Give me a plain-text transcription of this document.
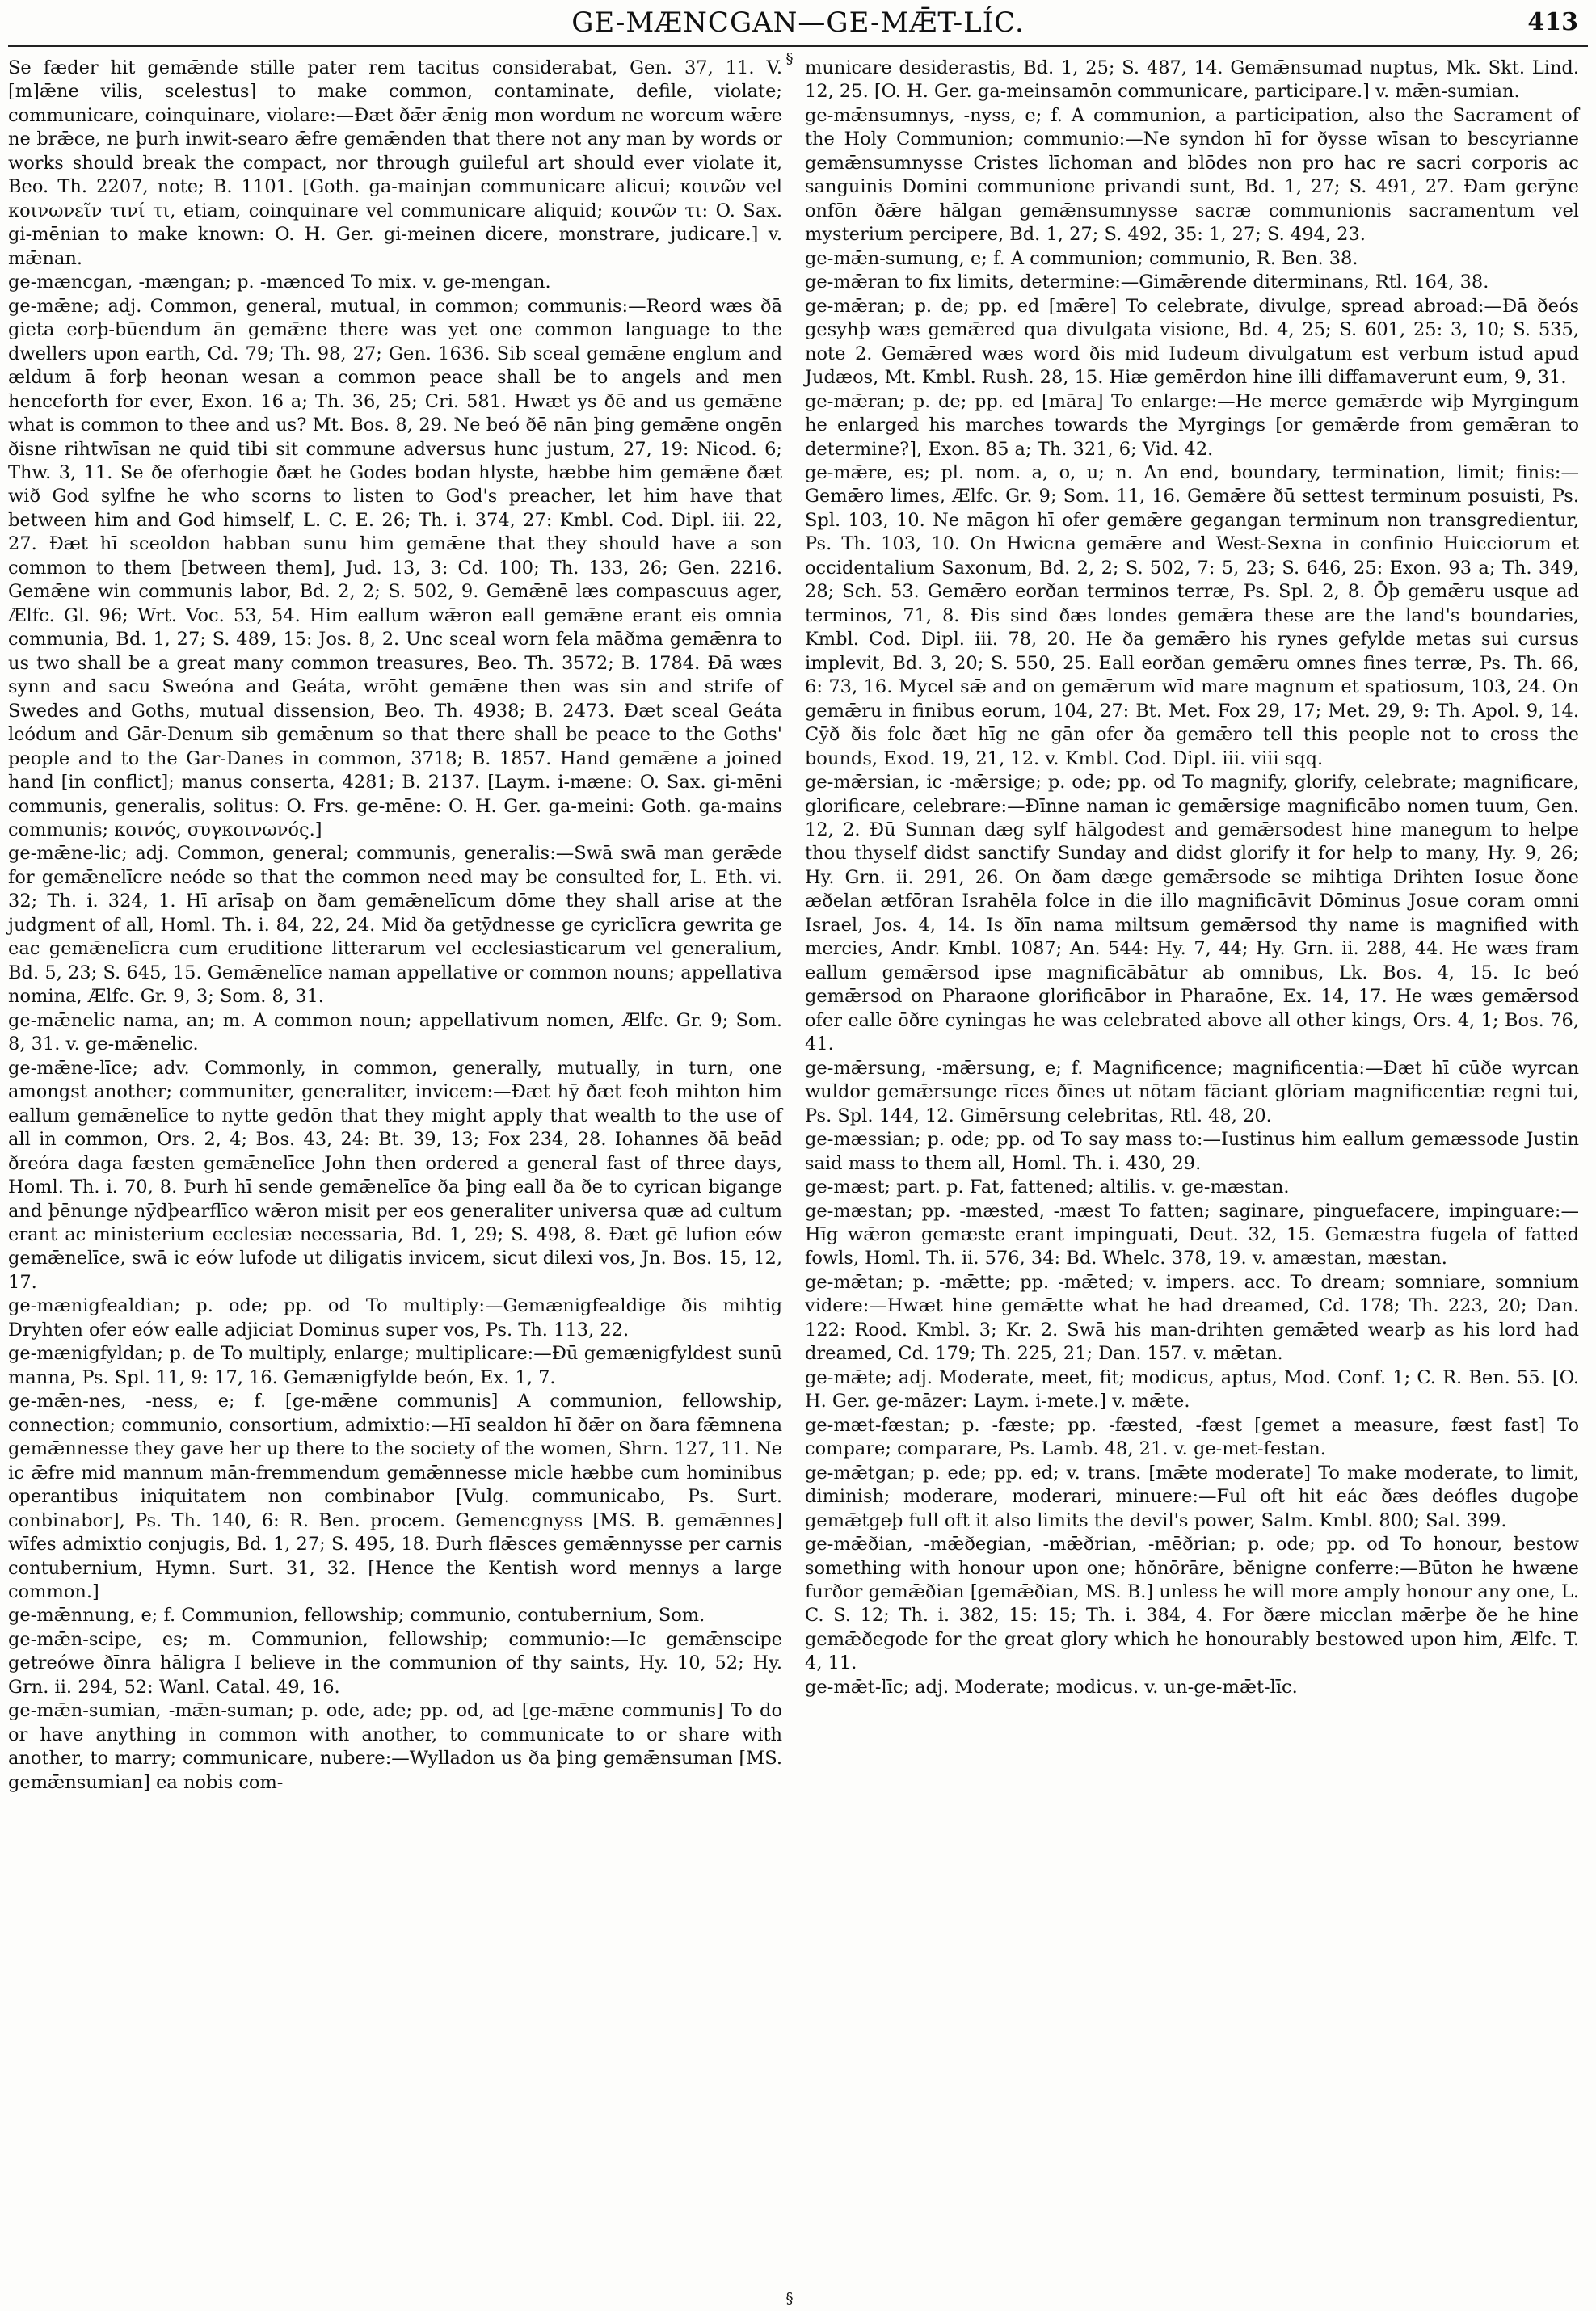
GE-MÆNCGAN—GE-MǢT-LÍC.	413
§
§

Se fæder hit gemǣnde stille pater rem tacitus considerabat, Gen. 37, 11. V. [m]ǣne vilis, scelestus] to make common, contaminate, defile, violate; communicare, coinquinare, violare:—Ðæt ðǣr ǣnig mon wordum ne worcum wǣre ne brǣce, ne þurh inwit-searo ǣfre gemǣnden that there not any man by words or works should break the compact, nor through guileful art should ever violate it, Beo. Th. 2207, note; B. 1101. [Goth. ga-mainjan communicare alicui; κοινῶν vel κοινωνεῖν τινί τι, etiam, coinquinare vel communicare aliquid; κοινῶν τι: O. Sax. gi-mēnian to make known: O. H. Ger. gi-meinen dicere, monstrare, judicare.] v. mǣnan.

ge-mæncgan, -mængan; p. -mænced To mix. v. ge-mengan.

ge-mǣne; adj. Common, general, mutual, in common; communis:—Reord wæs ðā gieta eorþ-būendum ān gemǣne there was yet one common language to the dwellers upon earth, Cd. 79; Th. 98, 27; Gen. 1636. Sib sceal gemǣne englum and ældum ā forþ heonan wesan a common peace shall be to angels and men henceforth for ever, Exon. 16 a; Th. 36, 25; Cri. 581. Hwæt ys ðē and us gemǣne what is common to thee and us? Mt. Bos. 8, 29. Ne beó ðē nān þing gemǣne ongēn ðisne rihtwīsan ne quid tibi sit commune adversus hunc justum, 27, 19: Nicod. 6; Thw. 3, 11. Se ðe oferhogie ðæt he Godes bodan hlyste, hæbbe him gemǣne ðæt wið God sylfne he who scorns to listen to God's preacher, let him have that between him and God himself, L. C. E. 26; Th. i. 374, 27: Kmbl. Cod. Dipl. iii. 22, 27. Ðæt hī sceoldon habban sunu him gemǣne that they should have a son common to them [between them], Jud. 13, 3: Cd. 100; Th. 133, 26; Gen. 2216. Gemǣne win communis labor, Bd. 2, 2; S. 502, 9. Gemǣnē læs compascuus ager, Ælfc. Gl. 96; Wrt. Voc. 53, 54. Him eallum wǣron eall gemǣne erant eis omnia communia, Bd. 1, 27; S. 489, 15: Jos. 8, 2. Unc sceal worn fela māðma gemǣnra to us two shall be a great many common treasures, Beo. Th. 3572; B. 1784. Ðā wæs synn and sacu Sweóna and Geáta, wrōht gemǣne then was sin and strife of Swedes and Goths, mutual dissension, Beo. Th. 4938; B. 2473. Ðæt sceal Geáta leódum and Gār-Denum sib gemǣnum so that there shall be peace to the Goths' people and to the Gar-Danes in common, 3718; B. 1857. Hand gemǣne a joined hand [in conflict]; manus conserta, 4281; B. 2137. [Laym. i-mæne: O. Sax. gi-mēni communis, generalis, solitus: O. Frs. ge-mēne: O. H. Ger. ga-meini: Goth. ga-mains communis; κοινός, συγκοινωνός.]

ge-mǣne-lic; adj. Common, general; communis, generalis:—Swā swā man gerǣde for gemǣnelīcre neóde so that the common need may be consulted for, L. Eth. vi. 32; Th. i. 324, 1. Hī arīsaþ on ðam gemǣnelīcum dōme they shall arise at the judgment of all, Homl. Th. i. 84, 22, 24. Mid ða getȳdnesse ge cyriclīcra gewrita ge eac gemǣnelīcra cum eruditione litterarum vel ecclesiasticarum vel generalium, Bd. 5, 23; S. 645, 15. Gemǣnelīce naman appellative or common nouns; appellativa nomina, Ælfc. Gr. 9, 3; Som. 8, 31.

ge-mǣnelic nama, an; m. A common noun; appellativum nomen, Ælfc. Gr. 9; Som. 8, 31. v. ge-mǣnelic.

ge-mǣne-līce; adv. Commonly, in common, generally, mutually, in turn, one amongst another; communiter, generaliter, invicem:—Ðæt hȳ ðæt feoh mihton him eallum gemǣnelīce to nytte gedōn that they might apply that wealth to the use of all in common, Ors. 2, 4; Bos. 43, 24: Bt. 39, 13; Fox 234, 28. Iohannes ðā beād ðreóra daga fæsten gemǣnelīce John then ordered a general fast of three days, Homl. Th. i. 70, 8. Þurh hī sende gemǣnelīce ða þing eall ða ðe to cyrican bigange and þēnunge nȳdþearflīco wǣron misit per eos generaliter universa quæ ad cultum erant ac ministerium ecclesiæ necessaria, Bd. 1, 29; S. 498, 8. Ðæt gē lufion eów gemǣnelīce, swā ic eów lufode ut diligatis invicem, sicut dilexi vos, Jn. Bos. 15, 12, 17.

ge-mænigfealdian; p. ode; pp. od To multiply:—Gemænigfealdige ðis mihtig Dryhten ofer eów ealle adjiciat Dominus super vos, Ps. Th. 113, 22.

ge-mænigfyldan; p. de To multiply, enlarge; multiplicare:—Ðū gemænigfyldest sunū manna, Ps. Spl. 11, 9: 17, 16. Gemænigfylde beón, Ex. 1, 7.

ge-mǣn-nes, -ness, e; f. [ge-mǣne communis] A communion, fellowship, connection; communio, consortium, admixtio:—Hī sealdon hī ðǣr on ðara fǣmnena gemǣnnesse they gave her up there to the society of the women, Shrn. 127, 11. Ne ic ǣfre mid mannum mān-fremmendum gemǣnnesse micle hæbbe cum hominibus operantibus iniquitatem non combinabor [Vulg. communicabo, Ps. Surt. conbinabor], Ps. Th. 140, 6: R. Ben. procem. Gemencgnyss [MS. B. gemǣnnes] wīfes admixtio conjugis, Bd. 1, 27; S. 495, 18. Ðurh flǣsces gemǣnnysse per carnis contubernium, Hymn. Surt. 31, 32. [Hence the Kentish word mennys a large common.]

ge-mǣnnung, e; f. Communion, fellowship; communio, contubernium, Som.

ge-mǣn-scipe, es; m. Communion, fellowship; communio:—Ic gemǣnscipe getreówe ðīnra hāligra I believe in the communion of thy saints, Hy. 10, 52; Hy. Grn. ii. 294, 52: Wanl. Catal. 49, 16.

ge-mǣn-sumian, -mǣn-suman; p. ode, ade; pp. od, ad [ge-mǣne communis] To do or have anything in common with another, to communicate to or share with another, to marry; communicare, nubere:—Wylladon us ða þing gemǣnsuman [MS. gemǣnsumian] ea nobis com-

municare desiderastis, Bd. 1, 25; S. 487, 14. Gemǣnsumad nuptus, Mk. Skt. Lind. 12, 25. [O. H. Ger. ga-meinsamōn communicare, participare.] v. mǣn-sumian.

ge-mǣnsumnys, -nyss, e; f. A communion, a participation, also the Sacrament of the Holy Communion; communio:—Ne syndon hī for ðysse wīsan to bescyrianne gemǣnsumnysse Cristes līchoman and blōdes non pro hac re sacri corporis ac sanguinis Domini communione privandi sunt, Bd. 1, 27; S. 491, 27. Ðam gerȳne onfōn ðǣre hālgan gemǣnsumnysse sacræ communionis sacramentum vel mysterium percipere, Bd. 1, 27; S. 492, 35: 1, 27; S. 494, 23.

ge-mǣn-sumung, e; f. A communion; communio, R. Ben. 38.

ge-mǣran to fix limits, determine:—Gimǣrende diterminans, Rtl. 164, 38.

ge-mǣran; p. de; pp. ed [mǣre] To celebrate, divulge, spread abroad:—Ðā ðeós gesyhþ wæs gemǣred qua divulgata visione, Bd. 4, 25; S. 601, 25: 3, 10; S. 535, note 2. Gemǣred wæs word ðis mid Iudeum divulgatum est verbum istud apud Judæos, Mt. Kmbl. Rush. 28, 15. Hiæ gemērdon hine illi diffamaverunt eum, 9, 31.

ge-mǣran; p. de; pp. ed [māra] To enlarge:—He merce gemǣrde wiþ Myrgingum he enlarged his marches towards the Myrgings [or gemǣrde from gemǣran to determine?], Exon. 85 a; Th. 321, 6; Vid. 42.

ge-mǣre, es; pl. nom. a, o, u; n. An end, boundary, termination, limit; finis:—Gemǣro limes, Ælfc. Gr. 9; Som. 11, 16. Gemǣre ðū settest terminum posuisti, Ps. Spl. 103, 10. Ne māgon hī ofer gemǣre gegangan terminum non transgredientur, Ps. Th. 103, 10. On Hwicna gemǣre and West-Sexna in confinio Huicciorum et occidentalium Saxonum, Bd. 2, 2; S. 502, 7: 5, 23; S. 646, 25: Exon. 93 a; Th. 349, 28; Sch. 53. Gemǣro eorðan terminos terræ, Ps. Spl. 2, 8. Ōþ gemǣru usque ad terminos, 71, 8. Ðis sind ðæs londes gemǣra these are the land's boundaries, Kmbl. Cod. Dipl. iii. 78, 20. He ða gemǣro his rynes gefylde metas sui cursus implevit, Bd. 3, 20; S. 550, 25. Eall eorðan gemǣru omnes fines terræ, Ps. Th. 66, 6: 73, 16. Mycel sǣ and on gemǣrum wīd mare magnum et spatiosum, 103, 24. On gemǣru in finibus eorum, 104, 27: Bt. Met. Fox 29, 17; Met. 29, 9: Th. Apol. 9, 14. Cȳð ðis folc ðæt hīg ne gān ofer ða gemǣro tell this people not to cross the bounds, Exod. 19, 21, 12. v. Kmbl. Cod. Dipl. iii. viii sqq.

ge-mǣrsian, ic -mǣrsige; p. ode; pp. od To magnify, glorify, celebrate; magnificare, glorificare, celebrare:—Ðīnne naman ic gemǣrsige magnificābo nomen tuum, Gen. 12, 2. Ðū Sunnan dæg sylf hālgodest and gemǣrsodest hine manegum to helpe thou thyself didst sanctify Sunday and didst glorify it for help to many, Hy. 9, 26; Hy. Grn. ii. 291, 26. On ðam dæge gemǣrsode se mihtiga Drihten Iosue ðone æðelan ætfōran Israhēla folce in die illo magnificāvit Dōminus Josue coram omni Israel, Jos. 4, 14. Is ðīn nama miltsum gemǣrsod thy name is magnified with mercies, Andr. Kmbl. 1087; An. 544: Hy. 7, 44; Hy. Grn. ii. 288, 44. He wæs fram eallum gemǣrsod ipse magnificābātur ab omnibus, Lk. Bos. 4, 15. Ic beó gemǣrsod on Pharaone glorificābor in Pharaōne, Ex. 14, 17. He wæs gemǣrsod ofer ealle ōðre cyningas he was celebrated above all other kings, Ors. 4, 1; Bos. 76, 41.

ge-mǣrsung, -mǣrsung, e; f. Magnificence; magnificentia:—Ðæt hī cūðe wyrcan wuldor gemǣrsunge rīces ðīnes ut nōtam fāciant glōriam magnificentiæ regni tui, Ps. Spl. 144, 12. Gimērsung celebritas, Rtl. 48, 20.

ge-mæssian; p. ode; pp. od To say mass to:—Iustinus him eallum gemæssode Justin said mass to them all, Homl. Th. i. 430, 29.

ge-mæst; part. p. Fat, fattened; altilis. v. ge-mæstan.

ge-mæstan; pp. -mæsted, -mæst To fatten; saginare, pinguefacere, impinguare:—Hīg wǣron gemæste erant impinguati, Deut. 32, 15. Gemæstra fugela of fatted fowls, Homl. Th. ii. 576, 34: Bd. Whelc. 378, 19. v. amæstan, mæstan.

ge-mǣtan; p. -mǣtte; pp. -mǣted; v. impers. acc. To dream; somniare, somnium videre:—Hwæt hine gemǣtte what he had dreamed, Cd. 178; Th. 223, 20; Dan. 122: Rood. Kmbl. 3; Kr. 2. Swā his man-drihten gemǣted wearþ as his lord had dreamed, Cd. 179; Th. 225, 21; Dan. 157. v. mǣtan.

ge-mǣte; adj. Moderate, meet, fit; modicus, aptus, Mod. Conf. 1; C. R. Ben. 55. [O. H. Ger. ge-māzer: Laym. i-mete.] v. mǣte.

ge-mæt-fæstan; p. -fæste; pp. -fæsted, -fæst [gemet a measure, fæst fast] To compare; comparare, Ps. Lamb. 48, 21. v. ge-met-festan.

ge-mǣtgan; p. ede; pp. ed; v. trans. [mǣte moderate] To make moderate, to limit, diminish; moderare, moderari, minuere:—Ful oft hit eác ðæs deófles dugoþe gemǣtgeþ full oft it also limits the devil's power, Salm. Kmbl. 800; Sal. 399.

ge-mǣðian, -mǣðegian, -mǣðrian, -mēðrian; p. ode; pp. od To honour, bestow something with honour upon one; hŏnōrāre, bĕnigne conferre:—Būton he hwæne furðor gemǣðian [gemǣðian, MS. B.] unless he will more amply honour any one, L. C. S. 12; Th. i. 382, 15: 15; Th. i. 384, 4. For ðære micclan mǣrþe ðe he hine gemǣðegode for the great glory which he honourably bestowed upon him, Ælfc. T. 4, 11.

ge-mǣt-līc; adj. Moderate; modicus. v. un-ge-mǣt-līc.
